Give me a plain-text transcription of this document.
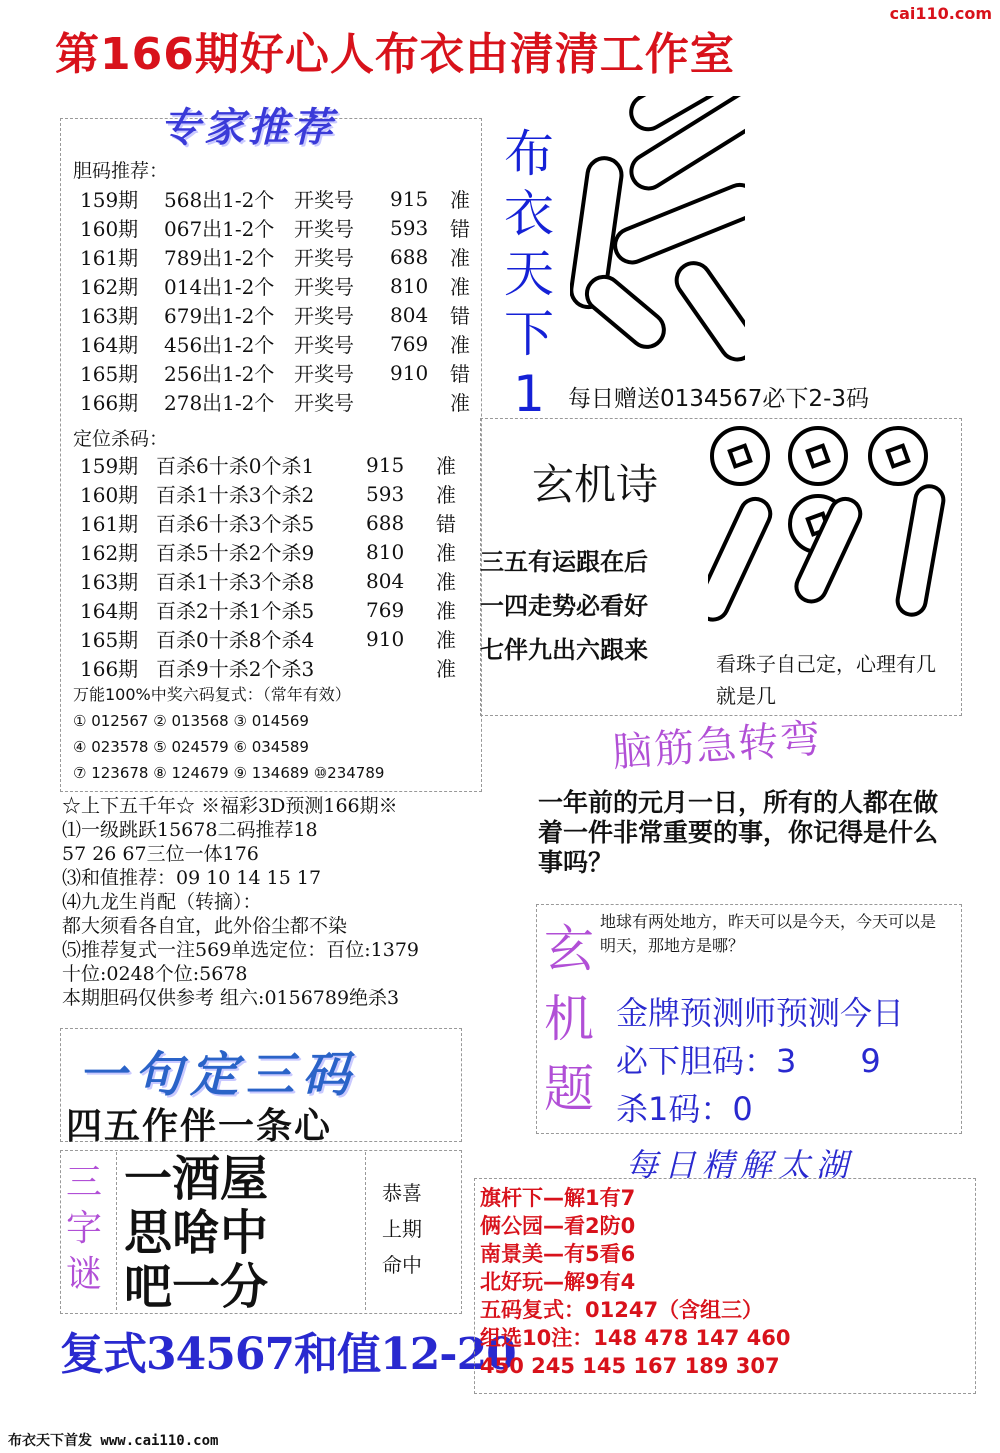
第166期好心人布衣由清清工作室
cai110.com
专家推荐
胆码推荐：
159期	568出1-2个	开奖号	915	准
160期	067出1-2个	开奖号	593	错
161期	789出1-2个	开奖号	688	准
162期	014出1-2个	开奖号	810	准
163期	679出1-2个	开奖号	804	错
164期	456出1-2个	开奖号	769	准
165期	256出1-2个	开奖号	910	错
166期	278出1-2个	开奖号		准
定位杀码：
159期	百杀6十杀0个杀1	915	准
160期	百杀1十杀3个杀2	593	准
161期	百杀6十杀3个杀5	688	错
162期	百杀5十杀2个杀9	810	准
163期	百杀1十杀3个杀8	804	准
164期	百杀2十杀1个杀5	769	准
165期	百杀0十杀8个杀4	910	准
166期	百杀9十杀2个杀3		准
万能100%中奖六码复式：（常年有效）
① 012567 ② 013568 ③ 014569
④ 023578 ⑤ 024579 ⑥ 034589
⑦ 123678 ⑧ 124679 ⑨ 134689 ⑩234789
☆上下五千年☆ ※福彩3D预测166期※
⑴一级跳跃15678二码推荐18
57 26 67三位一体176
⑶和值推荐：09 10 14 15 17
⑷九龙生肖配（转摘）：
都大须看各自宜，此外俗尘都不染
⑸推荐复式一注569单选定位：百位:1379
十位:0248个位:5678
本期胆码仅供参考 组六:0156789绝杀3
一句定三码
四五作伴一条心
三字谜
一酒屋
思啥中
吧一分
恭喜
上期
命中
复式34567和值12-20
布
衣
天
下
1	每日赠送0134567必下2-3码
玄机诗
三五有运跟在后
一四走势必看好
七伴九出六跟来	看珠子自己定，心理有几就是几
脑筋急转弯
一年前的元月一日，所有的人都在做着一件非常重要的事，你记得是什么事吗？
玄机题
地球有两处地方，昨天可以是今天，今天可以是明天，那地方是哪？
金牌预测师预测今日
必下胆码：3　　9
杀1码：0
每日精解太湖
旗杆下—解1有7
俩公园—看2防0
南景美—有5看6
北好玩—解9有4
五码复式：01247（含组三）
组选10注：148 478 147 460
450 245 145 167 189 307
布衣天下首发 www.cai110.com
